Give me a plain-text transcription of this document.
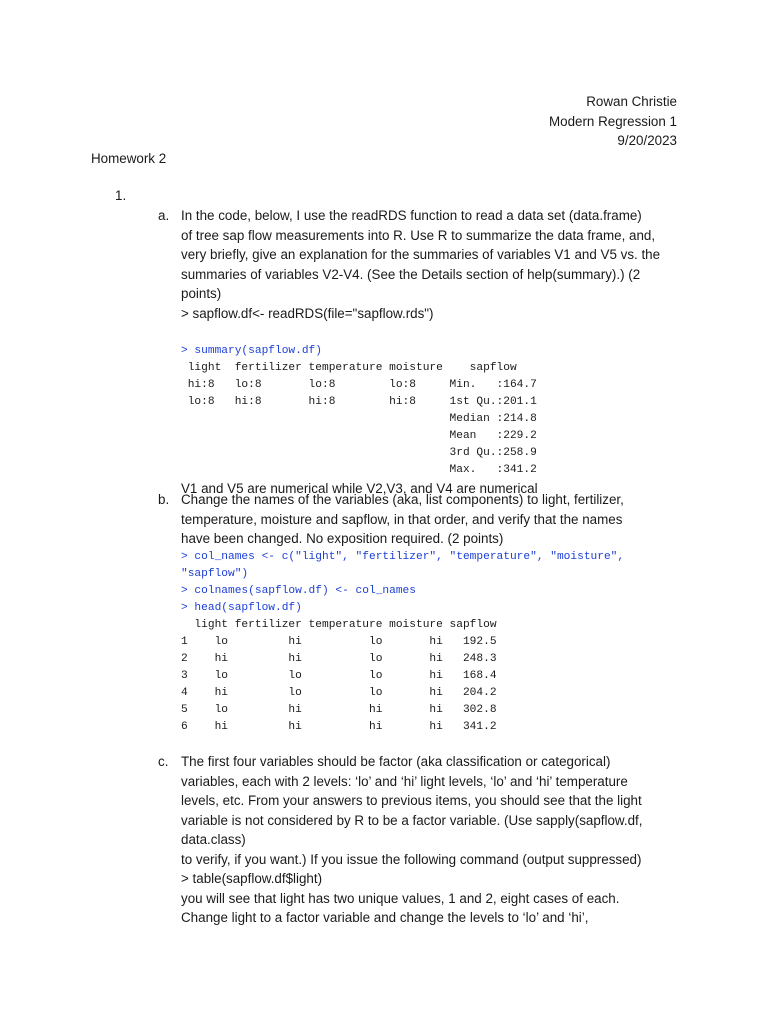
Rowan Christie
Modern Regression 1
9/20/2023
Homework 2
1.
a. In the code, below, I use the readRDS function to read a data set (data.frame)
of tree sap flow measurements into R. Use R to summarize the data frame, and,
very briefly, give an explanation for the summaries of variables V1 and V5 vs. the
summaries of variables V2-V4. (See the Details section of help(summary).) (2
points)
> sapflow.df<- readRDS(file="sapflow.rds")
> summary(sapflow.df)
light  fertilizer temperature moisture    sapflow
hi:8   lo:8       lo:8        lo:8     Min.   :164.7
lo:8   hi:8       hi:8        hi:8     1st Qu.:201.1
Median :214.8
Mean   :229.2
3rd Qu.:258.9
Max.   :341.2
V1 and V5 are numerical while V2,V3, and V4 are numerical
b. Change the names of the variables (aka, list components) to light, fertilizer,
temperature, moisture and sapflow, in that order, and verify that the names
have been changed. No exposition required. (2 points)
> col_names <- c("light", "fertilizer", "temperature", "moisture",
"sapflow")
> colnames(sapflow.df) <- col_names
> head(sapflow.df)
light fertilizer temperature moisture sapflow
1    lo         hi          lo       hi   192.5
2    hi         hi          lo       hi   248.3
3    lo         lo          lo       hi   168.4
4    hi         lo          lo       hi   204.2
5    lo         hi          hi       hi   302.8
6    hi         hi          hi       hi   341.2
c. The first four variables should be factor (aka classification or categorical)
variables, each with 2 levels: ‘lo’ and ‘hi’ light levels, ‘lo’ and ‘hi’ temperature
levels, etc. From your answers to previous items, you should see that the light
variable is not considered by R to be a factor variable. (Use sapply(sapflow.df,
data.class)
to verify, if you want.) If you issue the following command (output suppressed)
> table(sapflow.df$light)
you will see that light has two unique values, 1 and 2, eight cases of each.
Change light to a factor variable and change the levels to ‘lo’ and ‘hi’,
